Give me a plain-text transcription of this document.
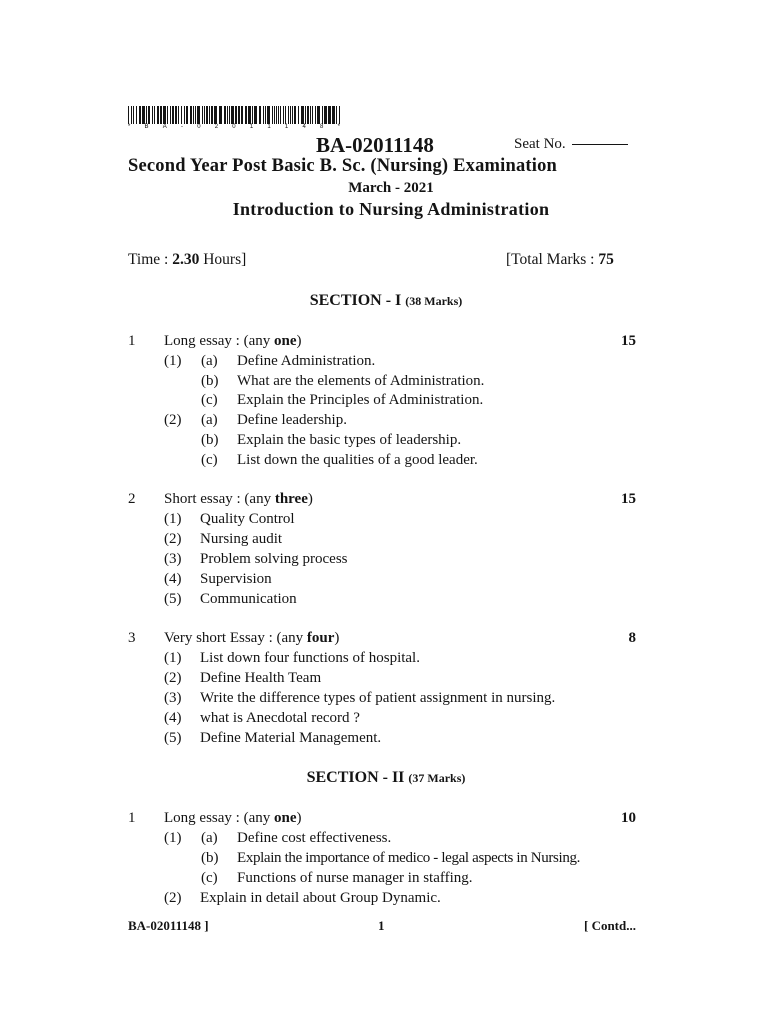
* B A - 0 2 0 1 1 1 4 8 *
BA-02011148	Seat No.
Second Year Post Basic B. Sc. (Nursing) Examination
March - 2021
Introduction to Nursing Administration
Time : 2.30 Hours]	[Total Marks : 75
SECTION - I (38 Marks)
1 Long essay : (any one)	15
(1) (a) Define Administration.
(b) What are the elements of Administration.
(c) Explain the Principles of Administration.
(2) (a) Define leadership.
(b) Explain the basic types of leadership.
(c) List down the qualities of a good leader.
2 Short essay : (any three)	15
(1) Quality Control
(2) Nursing audit
(3) Problem solving process
(4) Supervision
(5) Communication
3 Very short Essay : (any four)	8
(1) List down four functions of hospital.
(2) Define Health Team
(3) Write the difference types of patient assignment in nursing.
(4) what is Anecdotal record ?
(5) Define Material Management.
SECTION - II (37 Marks)
1 Long essay : (any one)	10
(1) (a) Define cost effectiveness.
(b) Explain the importance of medico - legal aspects in Nursing.
(c) Functions of nurse manager in staffing.
(2) Explain in detail about Group Dynamic.
BA-02011148 ]	1	[ Contd...
